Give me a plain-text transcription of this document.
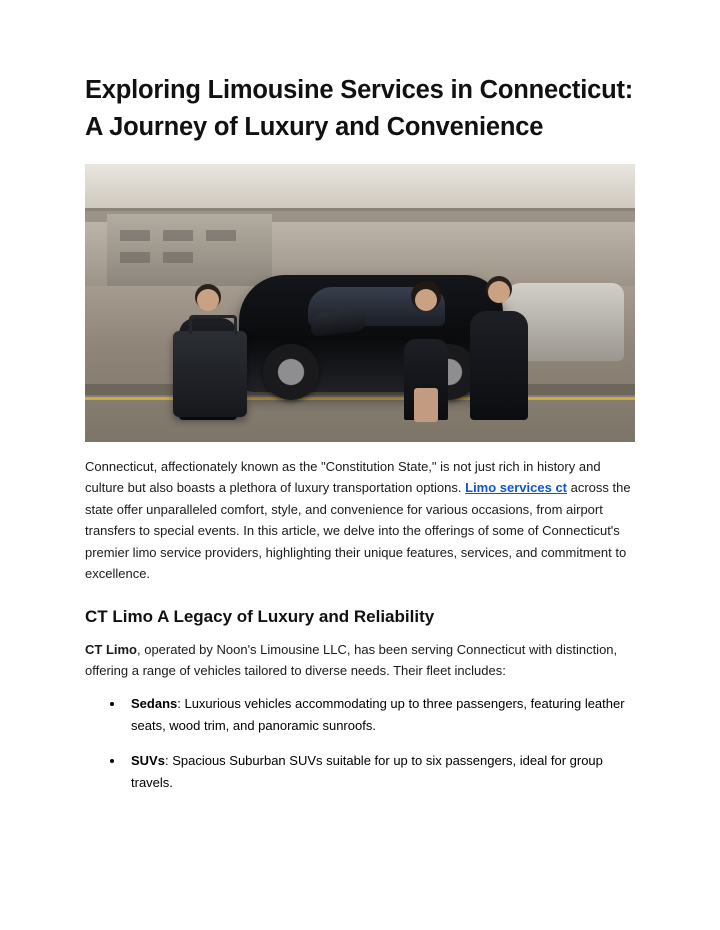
Exploring Limousine Services in Connecticut: A Journey of Luxury and Convenience

Connecticut, affectionately known as the "Constitution State," is not just rich in history and culture but also boasts a plethora of luxury transportation options. Limo services ct across the state offer unparalleled comfort, style, and convenience for various occasions, from airport transfers to special events. In this article, we delve into the offerings of some of Connecticut's premier limo service providers, highlighting their unique features, services, and commitment to excellence.

CT Limo A Legacy of Luxury and Reliability

CT Limo, operated by Noon's Limousine LLC, has been serving Connecticut with distinction, offering a range of vehicles tailored to diverse needs. Their fleet includes:

• Sedans: Luxurious vehicles accommodating up to three passengers, featuring leather seats, wood trim, and panoramic sunroofs.
• SUVs: Spacious Suburban SUVs suitable for up to six passengers, ideal for group travels.
